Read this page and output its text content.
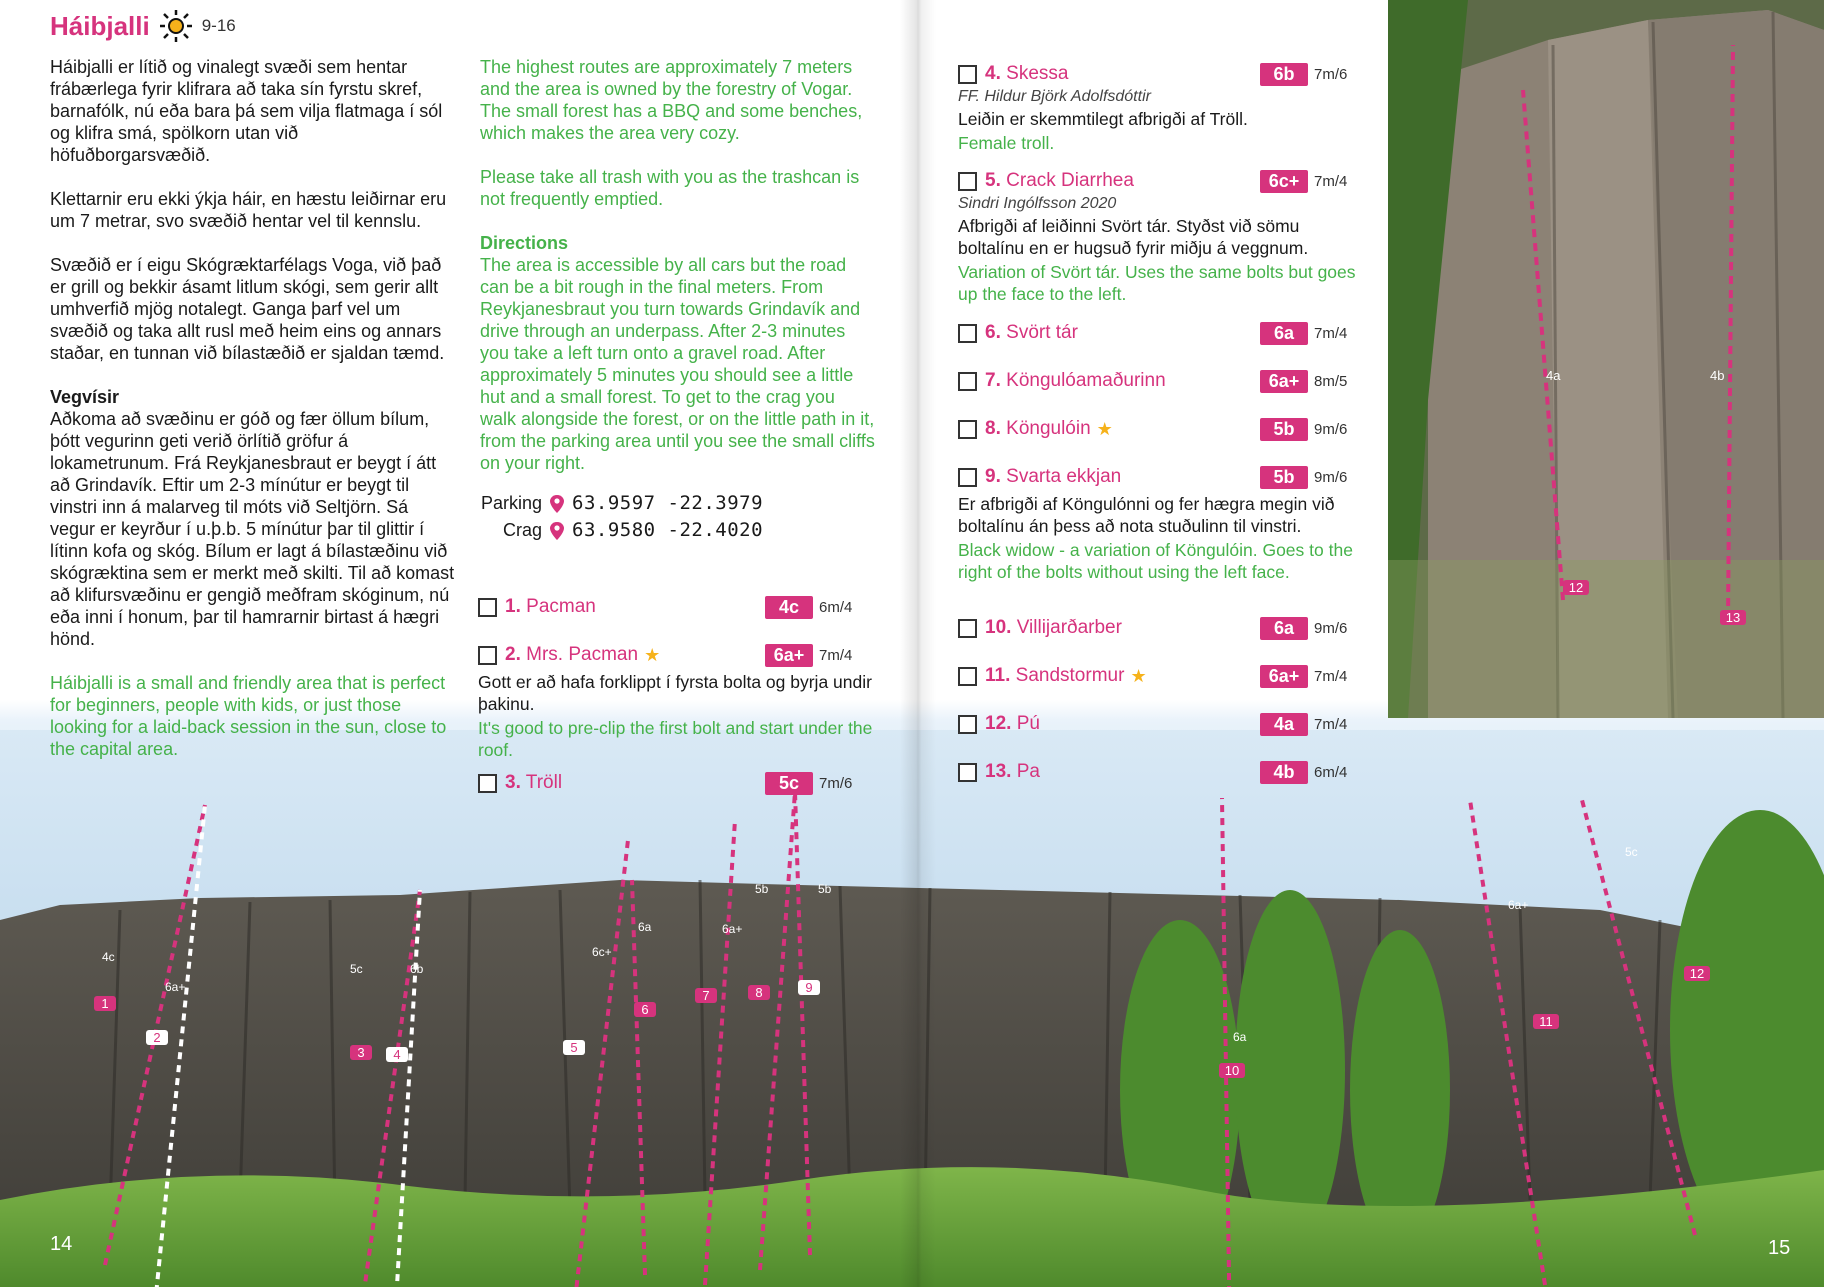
4c
6a+
5c	6b
6c+
6a	6a+
5b	5b
6a
6a+
5c
1
2
3	4	5
6
7	8	9
10
11
12
4a	4b
12
13
Háibjalli	9-16

Háibjalli er lítið og vinalegt svæði sem hentar frábærlega fyrir klifrara að taka sín fyrstu skref, barnafólk, nú eða bara þá sem vilja flatmaga í sól og klifra smá, spölkorn utan við höfuðborgarsvæðið.

Klettarnir eru ekki ýkja háir, en hæstu leiðirnar eru um 7 metrar, svo svæðið hentar vel til kennslu.

Svæðið er í eigu Skógræktarfélags Voga, við það er grill og bekkir ásamt litlum skógi, sem gerir allt umhverfið mjög notalegt. Ganga þarf vel um svæðið og taka allt rusl með heim eins og annars staðar, en tunnan við bílastæðið er sjaldan tæmd.

Vegvísir

Aðkoma að svæðinu er góð og fær öllum bílum, þótt vegurinn geti verið örlítið gröfur á lokametrunum. Frá Reykjanesbraut er beygt í átt að Grindavík. Eftir um 2-3 mínútur er beygt til vinstri inn á malarveg til móts við Seltjörn. Sá vegur er keyrður í u.þ.b. 5 mínútur þar til glittir í lítinn kofa og skóg. Bílum er lagt á bílastæðinu við skógræktina sem er merkt með skilti. Til að komast að klifursvæðinu er gengið meðfram skóginum, nú eða inni í honum, þar til hamrarnir birtast á hægri hönd.

Háibjalli is a small and friendly area that is perfect for beginners, people with kids, or just those looking for a laid-back session in the sun, close to the capital area.

The highest routes are approximately 7 meters and the area is owned by the forestry of Vogar. The small forest has a BBQ and some benches, which makes the area very cozy.

Please take all trash with you as the trashcan is not frequently emptied.

Directions

The area is accessible by all cars but the road can be a bit rough in the final meters. From Reykjanesbraut you turn towards Grindavík and drive through an underpass. After 2-3 minutes you take a left turn onto a gravel road. After approximately 5 minutes you should see a little hut and a small forest. To get to the crag you walk alongside the forest, or on the little path in it, from the parking area until you see the small cliffs on your right.

Parking 63.9597 -22.3979
Crag 63.9580 -22.4020
1. Pacman	4c	6m/4
2. Mrs. Pacman ★	6a+ 7m/4
Gott er að hafa forklippt í fyrsta bolta og byrja undir þakinu.
It's good to pre-clip the first bolt and start under the roof.
3. Tröll	5c	7m/6
4. Skessa	6b	7m/6
FF. Hildur Björk Adolfsdóttir
Leiðin er skemmtilegt afbrigði af Tröll.
Female troll.
5. Crack Diarrhea	6c+ 7m/4
Sindri Ingólfsson 2020
Afbrigði af leiðinni Svört tár. Styðst við sömu boltalínu en er hugsuð fyrir miðju á veggnum.
Variation of Svört tár. Uses the same bolts but goes up the face to the left.
6. Svört tár	6a	7m/4
7. Köngulóamaðurinn	6a+ 8m/5
8. Köngulóin ★	5b	9m/6
9. Svarta ekkjan	5b	9m/6
Er afbrigði af Köngulónni og fer hægra megin við boltalínu án þess að nota stuðulinn til vinstri.
Black widow - a variation of Köngulóin. Goes to the right of the bolts without using the left face.
10. Villijarðarber	6a	9m/6
11. Sandstormur ★	6a+ 7m/4
12. Pú	4a	7m/4
13. Pa	4b	6m/4
14	15
